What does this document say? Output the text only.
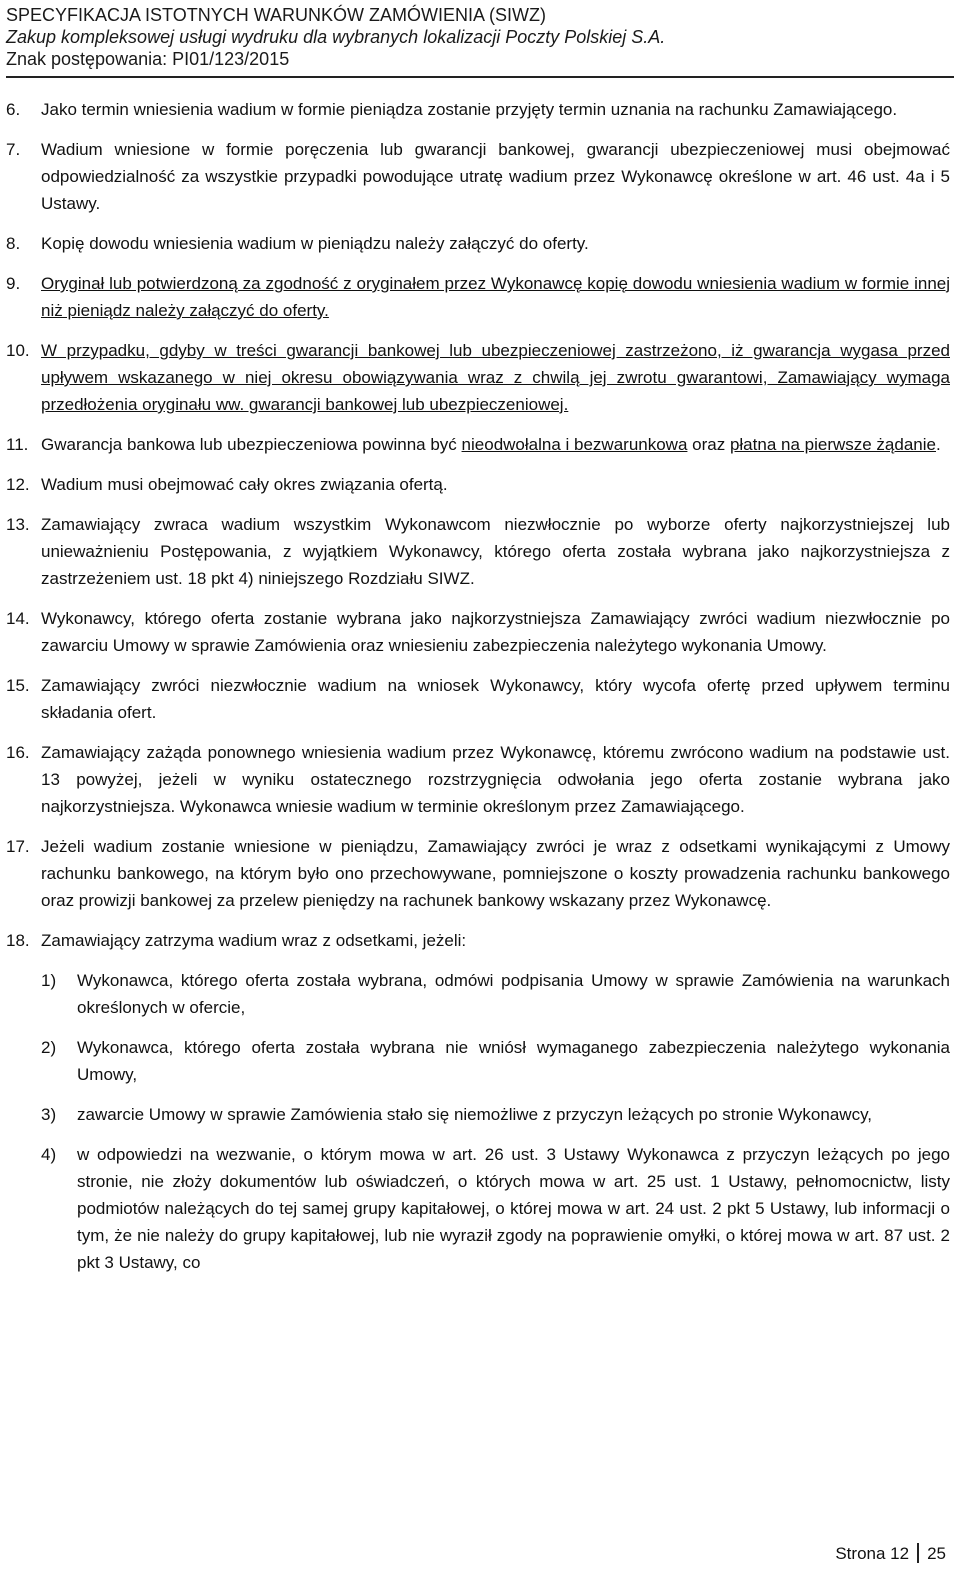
SPECYFIKACJA ISTOTNYCH WARUNKÓW ZAMÓWIENIA (SIWZ)
Zakup kompleksowej usługi wydruku dla wybranych lokalizacji Poczty Polskiej S.A.
Znak postępowania: PI01/123/2015
6. Jako termin wniesienia wadium w formie pieniądza zostanie przyjęty termin uznania na rachunku Zamawiającego.
7. Wadium wniesione w formie poręczenia lub gwarancji bankowej, gwarancji ubezpieczeniowej musi obejmować odpowiedzialność za wszystkie przypadki powodujące utratę wadium przez Wykonawcę określone w art. 46 ust. 4a i 5 Ustawy.
8. Kopię dowodu wniesienia wadium w pieniądzu należy załączyć do oferty.
9. Oryginał lub potwierdzoną za zgodność z oryginałem przez Wykonawcę kopię dowodu wniesienia wadium w formie innej niż pieniądz należy załączyć do oferty.
10. W przypadku, gdyby w treści gwarancji bankowej lub ubezpieczeniowej zastrzeżono, iż gwarancja wygasa przed upływem wskazanego w niej okresu obowiązywania wraz z chwilą jej zwrotu gwarantowi, Zamawiający wymaga przedłożenia oryginału ww. gwarancji bankowej lub ubezpieczeniowej.
11. Gwarancja bankowa lub ubezpieczeniowa powinna być nieodwołalna i bezwarunkowa oraz płatna na pierwsze żądanie.
12. Wadium musi obejmować cały okres związania ofertą.
13. Zamawiający zwraca wadium wszystkim Wykonawcom niezwłocznie po wyborze oferty najkorzystniejszej lub unieważnieniu Postępowania, z wyjątkiem Wykonawcy, którego oferta została wybrana jako najkorzystniejsza z zastrzeżeniem ust. 18 pkt 4) niniejszego Rozdziału SIWZ.
14. Wykonawcy, którego oferta zostanie wybrana jako najkorzystniejsza Zamawiający zwróci wadium niezwłocznie po zawarciu Umowy w sprawie Zamówienia oraz wniesieniu zabezpieczenia należytego wykonania Umowy.
15. Zamawiający zwróci niezwłocznie wadium na wniosek Wykonawcy, który wycofa ofertę przed upływem terminu składania ofert.
16. Zamawiający zażąda ponownego wniesienia wadium przez Wykonawcę, któremu zwrócono wadium na podstawie ust. 13 powyżej, jeżeli w wyniku ostatecznego rozstrzygnięcia odwołania jego oferta zostanie wybrana jako najkorzystniejsza. Wykonawca wniesie wadium w terminie określonym przez Zamawiającego.
17. Jeżeli wadium zostanie wniesione w pieniądzu, Zamawiający zwróci je wraz z odsetkami wynikającymi z Umowy rachunku bankowego, na którym było ono przechowywane, pomniejszone o koszty prowadzenia rachunku bankowego oraz prowizji bankowej za przelew pieniędzy na rachunek bankowy wskazany przez Wykonawcę.
18. Zamawiający zatrzyma wadium wraz z odsetkami, jeżeli:
1) Wykonawca, którego oferta została wybrana, odmówi podpisania Umowy w sprawie Zamówienia na warunkach określonych w ofercie,
2) Wykonawca, którego oferta została wybrana nie wniósł wymaganego zabezpieczenia należytego wykonania Umowy,
3) zawarcie Umowy w sprawie Zamówienia stało się niemożliwe z przyczyn leżących po stronie Wykonawcy,
4) w odpowiedzi na wezwanie, o którym mowa w art. 26 ust. 3 Ustawy Wykonawca z przyczyn leżących po jego stronie, nie złoży dokumentów lub oświadczeń, o których mowa w art. 25 ust. 1 Ustawy, pełnomocnictw, listy podmiotów należących do tej samej grupy kapitałowej, o której mowa w art. 24 ust. 2 pkt 5 Ustawy, lub informacji o tym, że nie należy do grupy kapitałowej, lub nie wyraził zgody na poprawienie omyłki, o której mowa w art. 87 ust. 2 pkt 3 Ustawy, co
Strona 12 25
